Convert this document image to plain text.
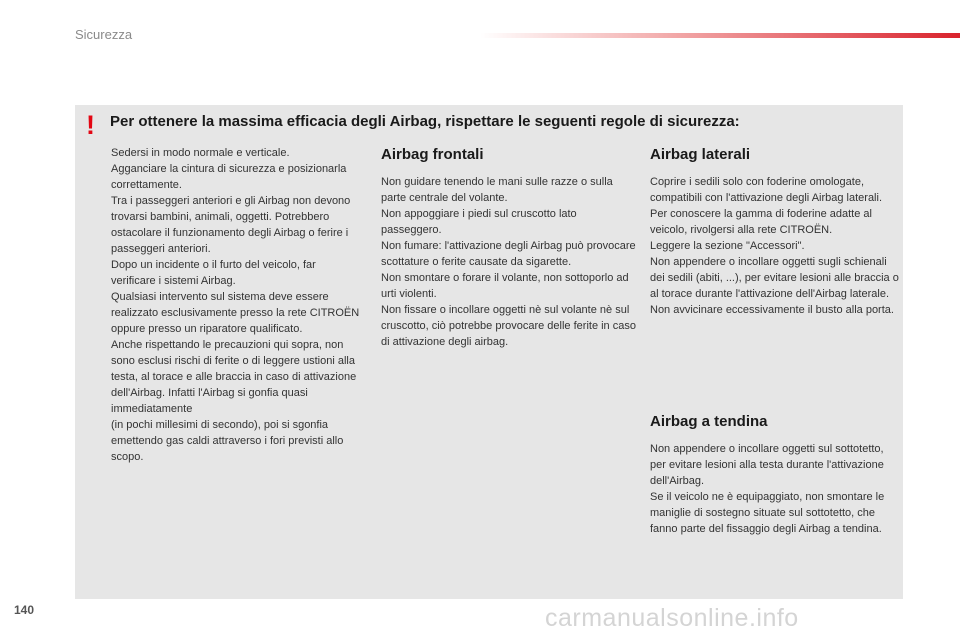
Sicurezza
! Per ottenere la massima efficacia degli Airbag, rispettare le seguenti regole di sicurezza:

Sedersi in modo normale e verticale.
Agganciare la cintura di sicurezza e posizionarla correttamente.
Tra i passeggeri anteriori e gli Airbag non devono trovarsi bambini, animali, oggetti. Potrebbero ostacolare il funzionamento degli Airbag o ferire i passeggeri anteriori.
Dopo un incidente o il furto del veicolo, far verificare i sistemi Airbag.
Qualsiasi intervento sul sistema deve essere realizzato esclusivamente presso la rete CITROËN oppure presso un riparatore qualificato.
Anche rispettando le precauzioni qui sopra, non sono esclusi rischi di ferite o di leggere ustioni alla testa, al torace e alle braccia in caso di attivazione dell'Airbag. Infatti l'Airbag si gonfia quasi immediatamente
(in pochi millesimi di secondo), poi si sgonfia emettendo gas caldi attraverso i fori previsti allo scopo.

Airbag frontali

Non guidare tenendo le mani sulle razze o sulla parte centrale del volante.
Non appoggiare i piedi sul cruscotto lato passeggero.
Non fumare: l'attivazione degli Airbag può provocare scottature o ferite causate da sigarette.
Non smontare o forare il volante, non sottoporlo ad urti violenti.
Non fissare o incollare oggetti nè sul volante nè sul cruscotto, ciò potrebbe provocare delle ferite in caso di attivazione degli airbag.

Airbag laterali

Coprire i sedili solo con foderine omologate, compatibili con l'attivazione degli Airbag laterali. Per conoscere la gamma di foderine adatte al veicolo, rivolgersi alla rete CITROËN.
Leggere la sezione "Accessori".
Non appendere o incollare oggetti sugli schienali dei sedili (abiti, ...), per evitare lesioni alle braccia o al torace durante l'attivazione dell'Airbag laterale.
Non avvicinare eccessivamente il busto alla porta.

Airbag a tendina

Non appendere o incollare oggetti sul sottotetto, per evitare lesioni alla testa durante l'attivazione dell'Airbag.
Se il veicolo ne è equipaggiato, non smontare le maniglie di sostegno situate sul sottotetto, che fanno parte del fissaggio degli Airbag a tendina.

140	carmanualsonline.info
